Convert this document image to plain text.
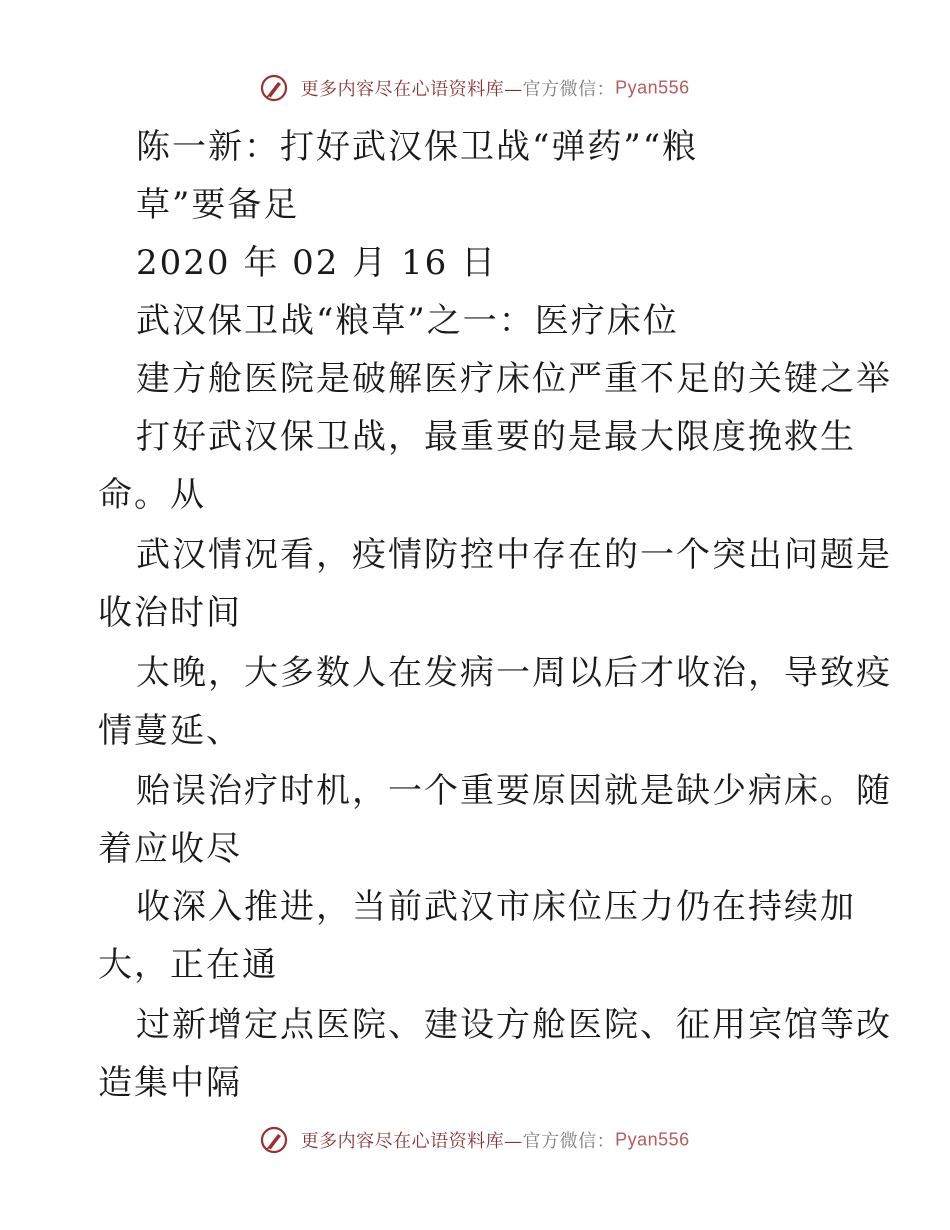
更多内容尽在心语资料库—官方微信：Pyan556
陈一新：打好武汉保卫战“弹药”“粮
草”要备足
2020 年 02 月 16 日
武汉保卫战“粮草”之一：医疗床位
建方舱医院是破解医疗床位严重不足的关键之举
打好武汉保卫战，最重要的是最大限度挽救生
命。从
武汉情况看，疫情防控中存在的一个突出问题是
收治时间
太晚，大多数人在发病一周以后才收治，导致疫
情蔓延、
贻误治疗时机，一个重要原因就是缺少病床。随
着应收尽
收深入推进，当前武汉市床位压力仍在持续加
大，正在通
过新增定点医院、建设方舱医院、征用宾馆等改
造集中隔
更多内容尽在心语资料库—官方微信：Pyan556
